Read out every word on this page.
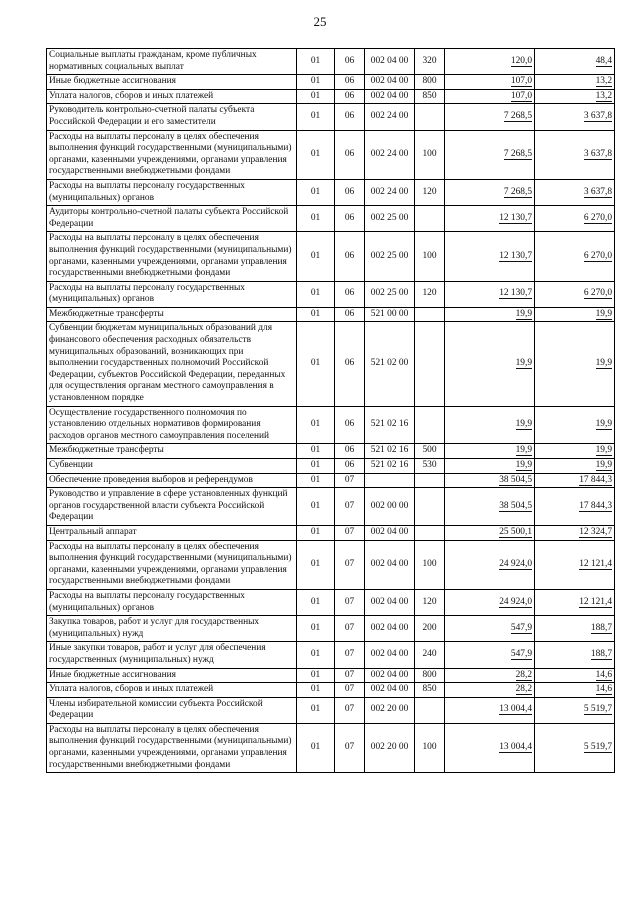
25
Социальные выплаты гражданам, кроме публичных нормативных социальных выплат	01	06	002 04 00	320	120,0	48,4
Иные бюджетные ассигнования	01	06	002 04 00	800	107,0	13,2
Уплата налогов, сборов и иных платежей	01	06	002 04 00	850	107,0	13,2
Руководитель контрольно-счетной палаты субъекта Российской Федерации и его заместители	01	06	002 24 00		7 268,5	3 637,8
Расходы на выплаты персоналу в целях обеспечения выполнения функций государственными (муниципальными) органами, казенными учреждениями, органами управления государственными внебюджетными фондами	01	06	002 24 00	100	7 268,5	3 637,8
Расходы на выплаты персоналу государственных (муниципальных) органов	01	06	002 24 00	120	7 268,5	3 637,8
Аудиторы контрольно-счетной палаты субъекта Российской Федерации	01	06	002 25 00		12 130,7	6 270,0
Расходы на выплаты персоналу в целях обеспечения выполнения функций государственными (муниципальными) органами, казенными учреждениями, органами управления государственными внебюджетными фондами	01	06	002 25 00	100	12 130,7	6 270,0
Расходы на выплаты персоналу государственных (муниципальных) органов	01	06	002 25 00	120	12 130,7	6 270,0
Межбюджетные трансферты	01	06	521 00 00		19,9	19,9
Субвенции бюджетам муниципальных образований для финансового обеспечения расходных обязательств муниципальных образований, возникающих при выполнении государственных полномочий Российской Федерации, субъектов Российской Федерации, переданных для осуществления органам местного самоуправления в установленном порядке	01	06	521 02 00		19,9	19,9
Осуществление государственного полномочия по установлению отдельных нормативов формирования расходов органов местного самоуправления поселений	01	06	521 02 16		19,9	19,9
Межбюджетные трансферты	01	06	521 02 16	500	19,9	19,9
Субвенции	01	06	521 02 16	530	19,9	19,9
Обеспечение проведения выборов и референдумов	01	07			38 504,5	17 844,3
Руководство и управление в сфере установленных функций органов государственной власти субъекта Российской Федерации	01	07	002 00 00		38 504,5	17 844,3
Центральный аппарат	01	07	002 04 00		25 500,1	12 324,7
Расходы на выплаты персоналу в целях обеспечения выполнения функций государственными (муниципальными) органами, казенными учреждениями, органами управления государственными внебюджетными фондами	01	07	002 04 00	100	24 924,0	12 121,4
Расходы на выплаты персоналу государственных (муниципальных) органов	01	07	002 04 00	120	24 924,0	12 121,4
Закупка товаров, работ и услуг для государственных (муниципальных) нужд	01	07	002 04 00	200	547,9	188,7
Иные закупки товаров, работ и услуг для обеспечения государственных (муниципальных) нужд	01	07	002 04 00	240	547,9	188,7
Иные бюджетные ассигнования	01	07	002 04 00	800	28,2	14,6
Уплата налогов, сборов и иных платежей	01	07	002 04 00	850	28,2	14,6
Члены избирательной комиссии субъекта Российской Федерации	01	07	002 20 00		13 004,4	5 519,7
Расходы на выплаты персоналу в целях обеспечения выполнения функций государственными (муниципальными) органами, казенными учреждениями, органами управления государственными внебюджетными фондами	01	07	002 20 00	100	13 004,4	5 519,7
